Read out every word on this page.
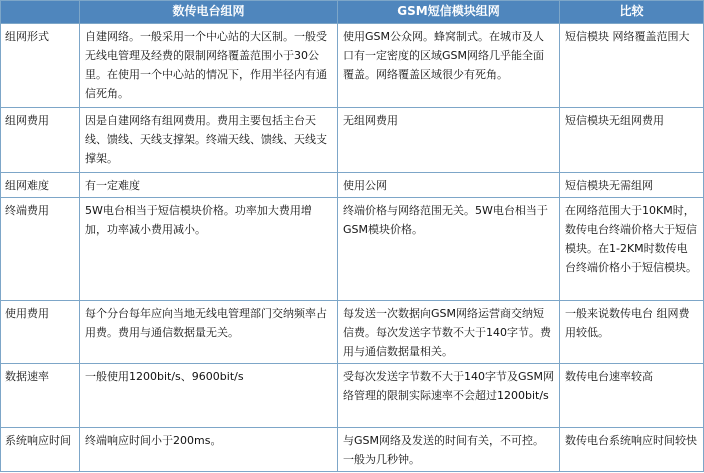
	数传电台组网	GSM短信模块组网	比较
组网形式	自建网络。一般采用一个中心站的大区制。一般受无线电管理及经费的限制网络覆盖范围小于30公里。在使用一个中心站的情况下，作用半径内有通信死角。	使用GSM公众网。蜂窝制式。在城市及人口有一定密度的区域GSM网络几乎能全面覆盖。网络覆盖区域很少有死角。	短信模块 网络覆盖范围大

组网费用	因是自建网络有组网费用。费用主要包括主台天线、馈线、天线支撑架。终端天线、馈线、天线支撑架。	无组网费用	短信模块无组网费用

组网难度	有一定难度	使用公网	短信模块无需组网

终端费用	5W电台相当于短信模块价格。功率加大费用增加，功率减小费用减小。	终端价格与网络范围无关。5W电台相当于GSM模块价格。	在网络范围大于10KM时，数传电台终端价格大于短信模块。在1-2KM时数传电台终端价格小于短信模块。

使用费用	每个分台每年应向当地无线电管理部门交纳频率占用费。费用与通信数据量无关。	每发送一次数据向GSM网络运营商交纳短信费。每次发送字节数不大于140字节。费用与通信数据量相关。	一般来说数传电台 组网费用较低。

数据速率	一般使用1200bit/s、9600bit/s	受每次发送字节数不大于140字节及GSM网络管理的限制实际速率不会超过1200bit/s	数传电台速率较高

系统响应时间	终端响应时间小于200ms。	与GSM网络及发送的时间有关，不可控。一般为几秒钟。	数传电台系统响应时间较快
